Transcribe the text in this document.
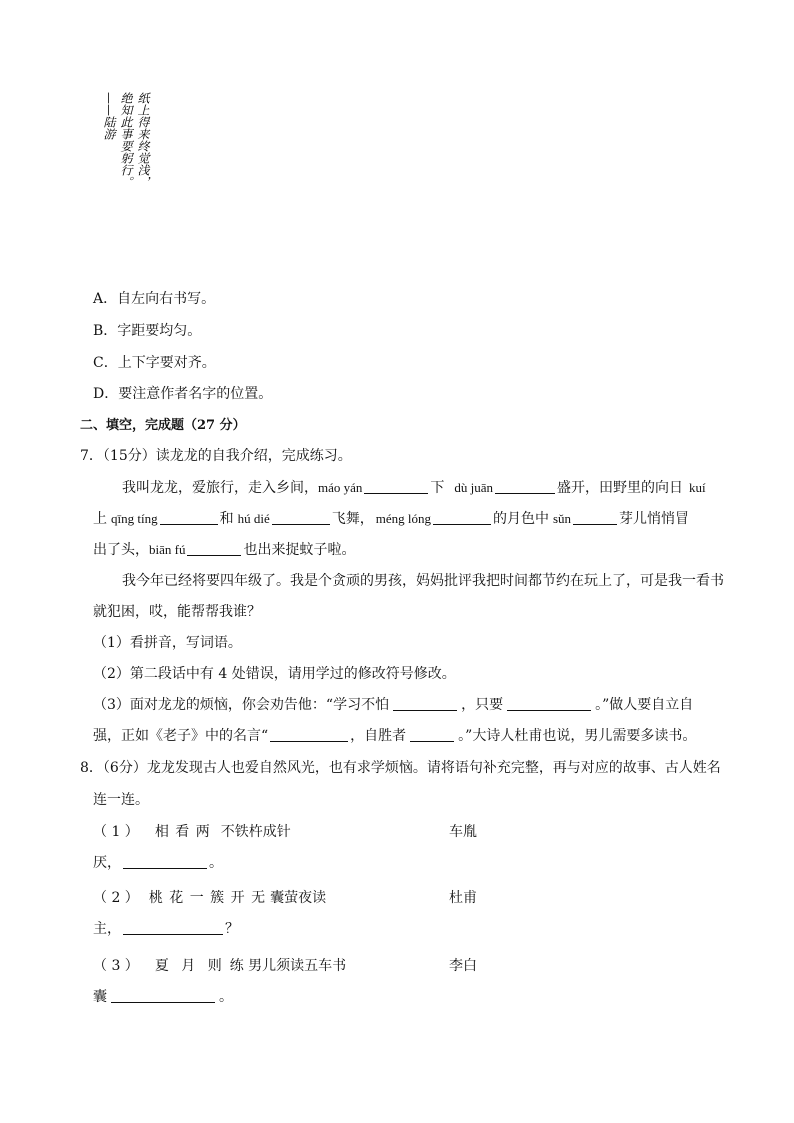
纸上得来终觉浅，
绝知此事要躬行。
——陆游
A．自左向右书写。
B．字距要均匀。
C．上下字要对齐。
D．要注意作者名字的位置。
二、填空，完成题（27 分）
7．（15分）读龙龙的自我介绍，完成练习。
我叫龙龙，爱旅行，走入乡间，máo yán	下 dù juān	盛开，田野里的向日 kuí
上 qīng tíng	和 hú dié	飞舞， méng lóng	的月色中 sǔn	芽儿悄悄冒
出了头，biān fú	也出来捉蚊子啦。
我今年已经将要四年级了。我是个贪顽的男孩，妈妈批评我把时间都节约在玩上了，可是我一看书
就犯困，哎，能帮帮我谁？
（1）看拼音，写词语。
（2）第二段话中有 4 处错误，请用学过的修改符号修改。
（3）面对龙龙的烦恼，你会劝告他：“学习不怕	，只要	。”做人要自立自
强，正如《老子》中的名言“	，自胜者	。”大诗人杜甫也说，男儿需要多读书。
8．（6分）龙龙发现古人也爱自然风光，也有求学烦恼。请将语句补充完整，再与对应的故事、古人姓名
连一连。
（ 1 ） 相 看 两 不铁杵成针	车胤
厌，	。
（ 2 ） 桃 花 一 簇 开 无 囊萤夜读	杜甫
主，	？
（ 3 ） 夏 月 则 练 男儿须读五车书	李白
囊	。
